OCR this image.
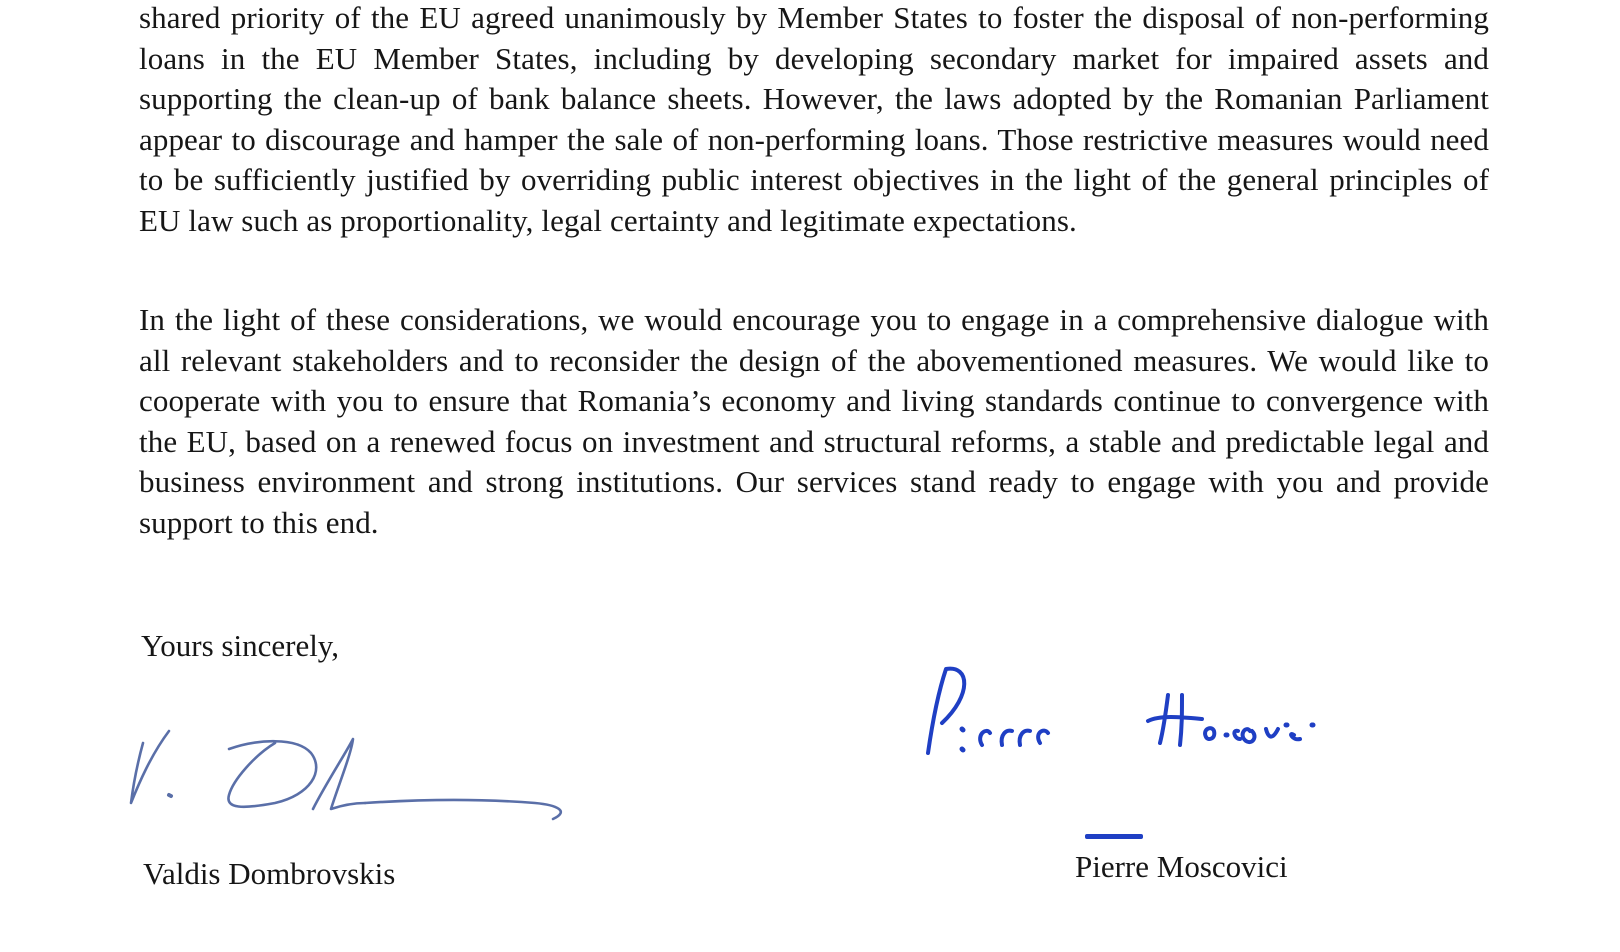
shared priority of the EU agreed unanimously by Member States to foster the disposal of non-performing loans in the EU Member States, including by developing secondary market for impaired assets and supporting the clean-up of bank balance sheets. However, the laws adopted by the Romanian Parliament appear to discourage and hamper the sale of non-performing loans. Those restrictive measures would need to be sufficiently justified by overriding public interest objectives in the light of the general principles of EU law such as proportionality, legal certainty and legitimate expectations.

In the light of these considerations, we would encourage you to engage in a comprehensive dialogue with all relevant stakeholders and to reconsider the design of the abovementioned measures. We would like to cooperate with you to ensure that Romania’s economy and living standards continue to convergence with the EU, based on a renewed focus on investment and structural reforms, a stable and predictable legal and business environment and strong institutions. Our services stand ready to engage with you and provide support to this end.

Yours sincerely,

Valdis Dombrovskis	Pierre Moscovici
